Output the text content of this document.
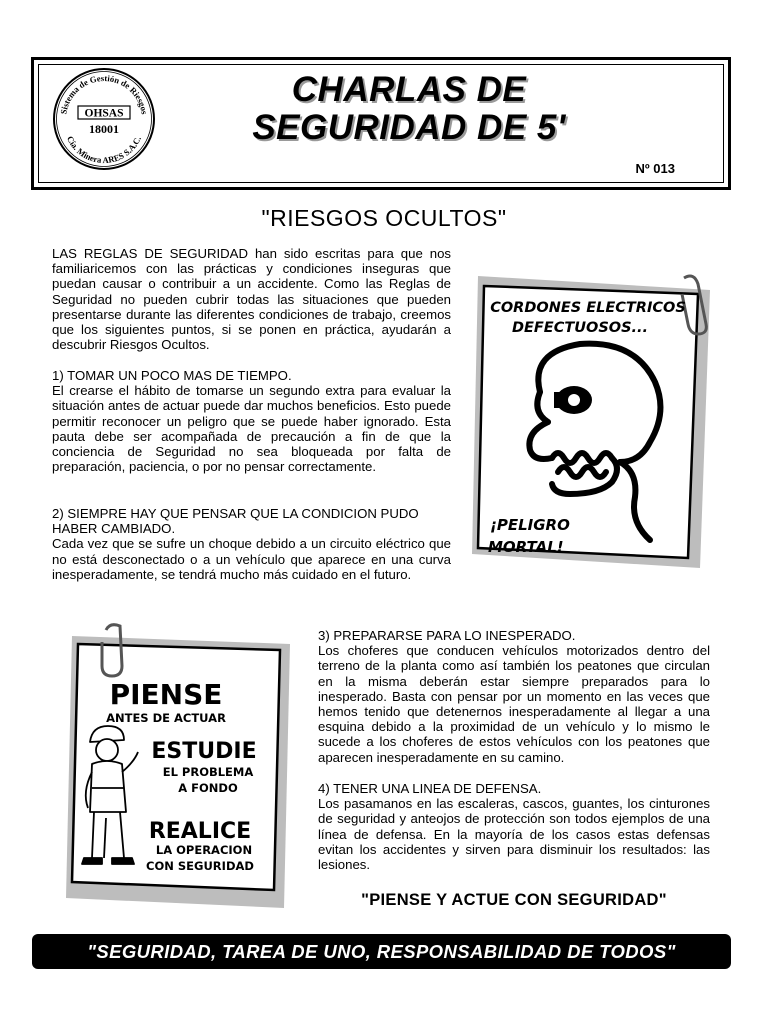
CHARLAS DE
SEGURIDAD DE 5'
Nº 013
Sistema de Gestión de Riesgos
Cía. Minera ARES S.A.C.
OHSAS
18001
"RIESGOS OCULTOS"

LAS REGLAS DE SEGURIDAD han sido escritas para que nos familiaricemos con las prácticas y condiciones inseguras que puedan causar o contribuir a un accidente. Como las Reglas de Seguridad no pueden cubrir todas las situaciones que pueden presentarse durante las diferentes condiciones de trabajo, creemos que los siguientes puntos, si se ponen en práctica, ayudarán a descubrir Riesgos Ocultos.

1) TOMAR UN POCO MAS DE TIEMPO.

El crearse el hábito de tomarse un segundo extra para evaluar la situación antes de actuar puede dar muchos beneficios. Esto puede permitir reconocer un peligro que se puede haber ignorado. Esta pauta debe ser acompañada de precaución a fin de que la conciencia de Seguridad no sea bloqueada por falta de preparación, paciencia, o por no pensar correctamente.

2) SIEMPRE HAY QUE PENSAR QUE LA CONDICION PUDO HABER CAMBIADO.

Cada vez que se sufre un choque debido a un circuito eléctrico que no está desconectado o a un vehículo que aparece en una curva inesperadamente, se tendrá mucho más cuidado en el futuro.

CORDONES ELECTRICOS
DEFECTUOSOS...
¡PELIGRO
MORTAL!
PIENSE
ANTES DE ACTUAR
ESTUDIE
EL PROBLEMA
A FONDO
REALICE
LA OPERACION
CON SEGURIDAD

3) PREPARARSE PARA LO INESPERADO.

Los choferes que conducen vehículos motorizados dentro del terreno de la planta como así también los peatones que circulan en la misma deberán estar siempre preparados para lo inesperado. Basta con pensar por un momento en las veces que hemos tenido que detenernos inesperadamente al llegar a una esquina debido a la proximidad de un vehículo y lo mismo le sucede a los choferes de estos vehículos con los peatones que aparecen inesperadamente en su camino.

4) TENER UNA LINEA DE DEFENSA.

Los pasamanos en las escaleras, cascos, guantes, los cinturones de seguridad y anteojos de protección son todos ejemplos de una línea de defensa. En la mayoría de los casos estas defensas evitan los accidentes y sirven para disminuir los resultados: las lesiones.

"PIENSE Y ACTUE CON SEGURIDAD"
"SEGURIDAD, TAREA DE UNO, RESPONSABILIDAD DE TODOS"
